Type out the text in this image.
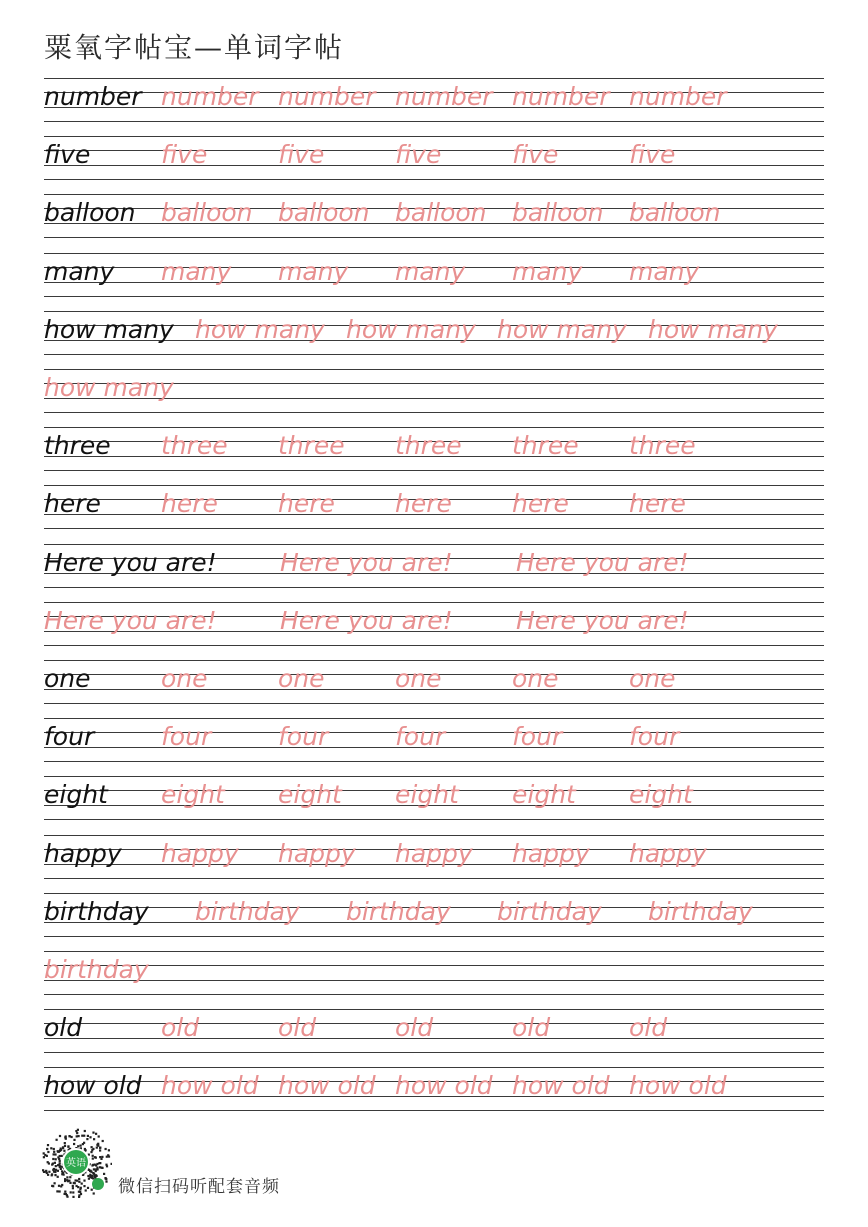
粟氧字帖宝—单词字帖
number number number number number number
five	five	five	five	five	five
balloon balloon balloon balloon balloon balloon
many many many many many many
how many how many how many how many how many
how many
three three three three three three
here here here here here here
Here you are!	Here you are!	Here you are!
Here you are!	Here you are!	Here you are!
one	one	one	one	one	one
four	four	four	four	four	four
eight eight eight eight eight eight
happy happy happy happy happy happy
birthday birthday birthday birthday birthday
birthday
old	old	old	old	old	old
how old how old how old how old how old how old
英语
微信扫码听配套音频
